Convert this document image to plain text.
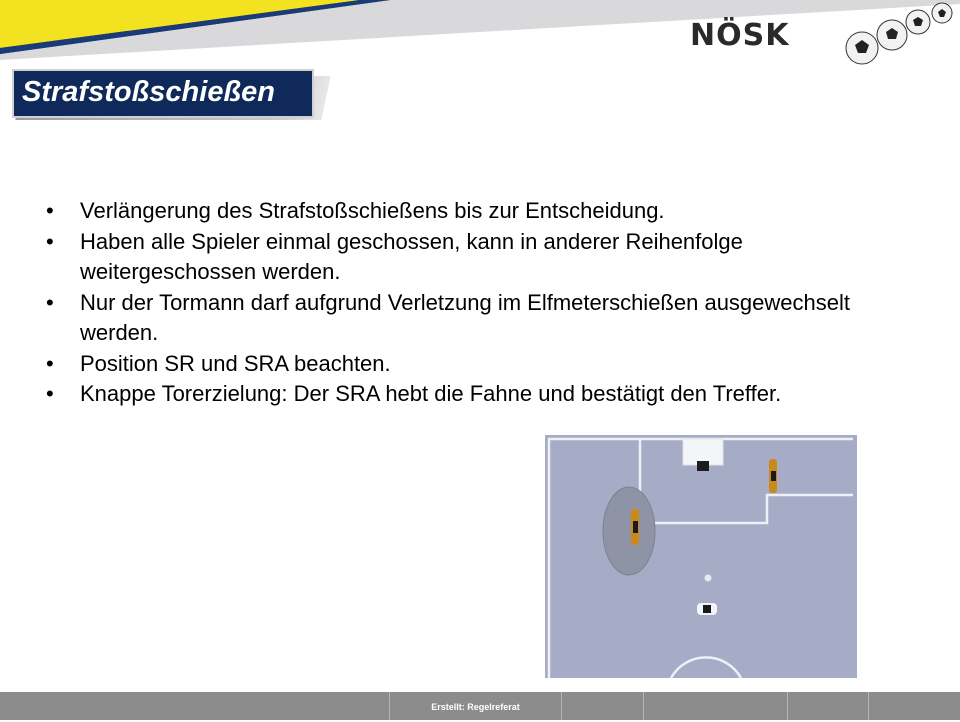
NÖSK
Strafstoßschießen
• Verlängerung des Strafstoßschießens bis zur Entscheidung.
• Haben alle Spieler einmal geschossen, kann in anderer Reihenfolge weitergeschossen werden.
• Nur der Tormann darf aufgrund Verletzung im Elfmeterschießen ausgewechselt werden.
• Position SR und SRA beachten.
• Knappe Torerzielung: Der SRA hebt die Fahne und bestätigt den Treffer.
Erstellt: Regelreferat
